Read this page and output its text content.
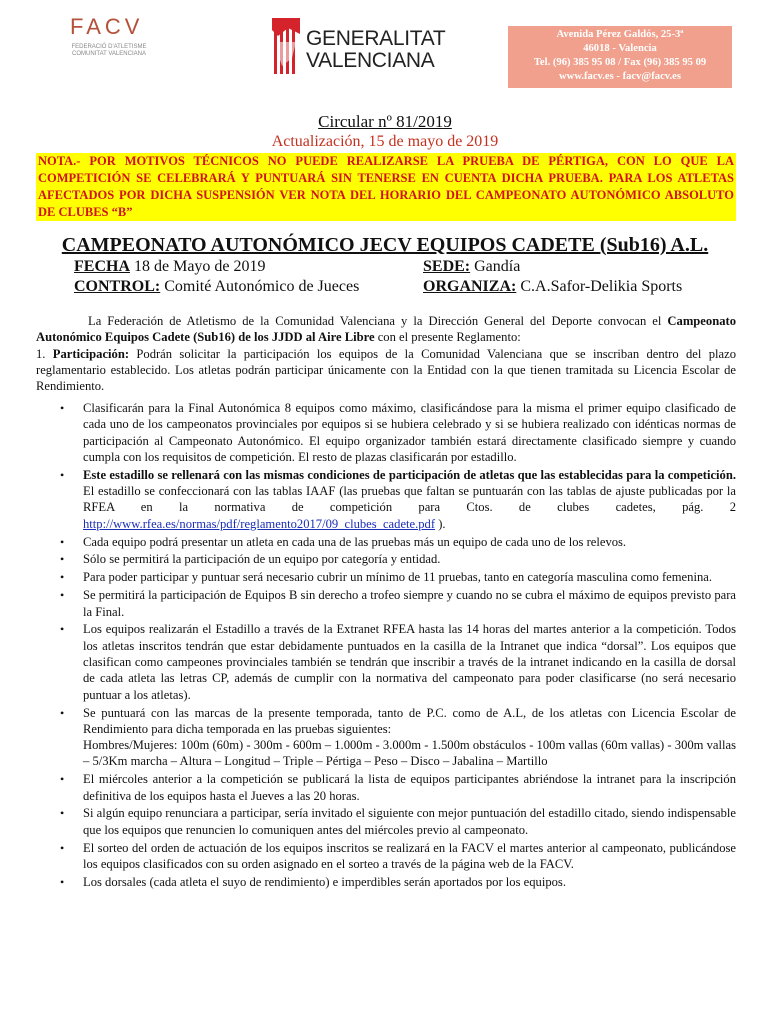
FACV
FEDERACIÓ D'ATLETISME COMUNITAT VALENCIANA
GENERALITAT
VALENCIANA
Avenida Pérez Galdós, 25-3ª
46018 - Valencia
Tel. (96) 385 95 08 / Fax (96) 385 95 09
www.facv.es - facv@facv.es
Circular nº 81/2019
Actualización, 15 de mayo de 2019
NOTA.- POR MOTIVOS TÉCNICOS NO PUEDE REALIZARSE LA PRUEBA DE PÉRTIGA, CON LO QUE LA COMPETICIÓN SE CELEBRARÁ Y PUNTUARÁ SIN TENERSE EN CUENTA DICHA PRUEBA. PARA LOS ATLETAS AFECTADOS POR DICHA SUSPENSIÓN VER NOTA DEL HORARIO DEL CAMPEONATO AUTONÓMICO ABSOLUTO DE CLUBES “B”
CAMPEONATO AUTONÓMICO JECV EQUIPOS CADETE (Sub16) A.L.
FECHA 18 de Mayo de 2019	SEDE: Gandía
CONTROL: Comité Autonómico de Jueces	ORGANIZA: C.A.Safor-Delikia Sports
La Federación de Atletismo de la Comunidad Valenciana y la Dirección General del Deporte convocan el Campeonato Autonómico Equipos Cadete (Sub16) de los JJDD al Aire Libre con el presente Reglamento:
1. Participación: Podrán solicitar la participación los equipos de la Comunidad Valenciana que se inscriban dentro del plazo reglamentario establecido. Los atletas podrán participar únicamente con la Entidad con la que tienen tramitada su Licencia Escolar de Rendimiento.
• Clasificarán para la Final Autonómica 8 equipos como máximo, clasificándose para la misma el primer equipo clasificado de cada uno de los campeonatos provinciales por equipos si se hubiera celebrado y si se hubiera realizado con idénticas normas de participación al Campeonato Autonómico. El equipo organizador también estará directamente clasificado siempre y cuando cumpla con los requisitos de competición. El resto de plazas clasificarán por estadillo.
• Este estadillo se rellenará con las mismas condiciones de participación de atletas que las establecidas para la competición. El estadillo se confeccionará con las tablas IAAF (las pruebas que faltan se puntuarán con las tablas de ajuste publicadas por la RFEA en la normativa de competición para Ctos. de clubes cadetes, pág. 2 http://www.rfea.es/normas/pdf/reglamento2017/09_clubes_cadete.pdf ).
• Cada equipo podrá presentar un atleta en cada una de las pruebas más un equipo de cada uno de los relevos.
• Sólo se permitirá la participación de un equipo por categoría y entidad.
• Para poder participar y puntuar será necesario cubrir un mínimo de 11 pruebas, tanto en categoría masculina como femenina.
• Se permitirá la participación de Equipos B sin derecho a trofeo siempre y cuando no se cubra el máximo de equipos previsto para la Final.
• Los equipos realizarán el Estadillo a través de la Extranet RFEA hasta las 14 horas del martes anterior a la competición. Todos los atletas inscritos tendrán que estar debidamente puntuados en la casilla de la Intranet que indica “dorsal”. Los equipos que clasifican como campeones provinciales también se tendrán que inscribir a través de la intranet indicando en la casilla de dorsal de cada atleta las letras CP, además de cumplir con la normativa del campeonato para poder clasificarse (no será necesario puntuar a los atletas).
• Se puntuará con las marcas de la presente temporada, tanto de P.C. como de A.L, de los atletas con Licencia Escolar de Rendimiento para dicha temporada en las pruebas siguientes:
Hombres/Mujeres: 100m (60m) - 300m - 600m – 1.000m - 3.000m - 1.500m obstáculos - 100m vallas (60m vallas) - 300m vallas – 5/3Km marcha – Altura – Longitud – Triple – Pértiga – Peso – Disco – Jabalina – Martillo
• El miércoles anterior a la competición se publicará la lista de equipos participantes abriéndose la intranet para la inscripción definitiva de los equipos hasta el Jueves a las 20 horas.
• Si algún equipo renunciara a participar, sería invitado el siguiente con mejor puntuación del estadillo citado, siendo indispensable que los equipos que renuncien lo comuniquen antes del miércoles previo al campeonato.
• El sorteo del orden de actuación de los equipos inscritos se realizará en la FACV el martes anterior al campeonato, publicándose los equipos clasificados con su orden asignado en el sorteo a través de la página web de la FACV.
• Los dorsales (cada atleta el suyo de rendimiento) e imperdibles serán aportados por los equipos.
